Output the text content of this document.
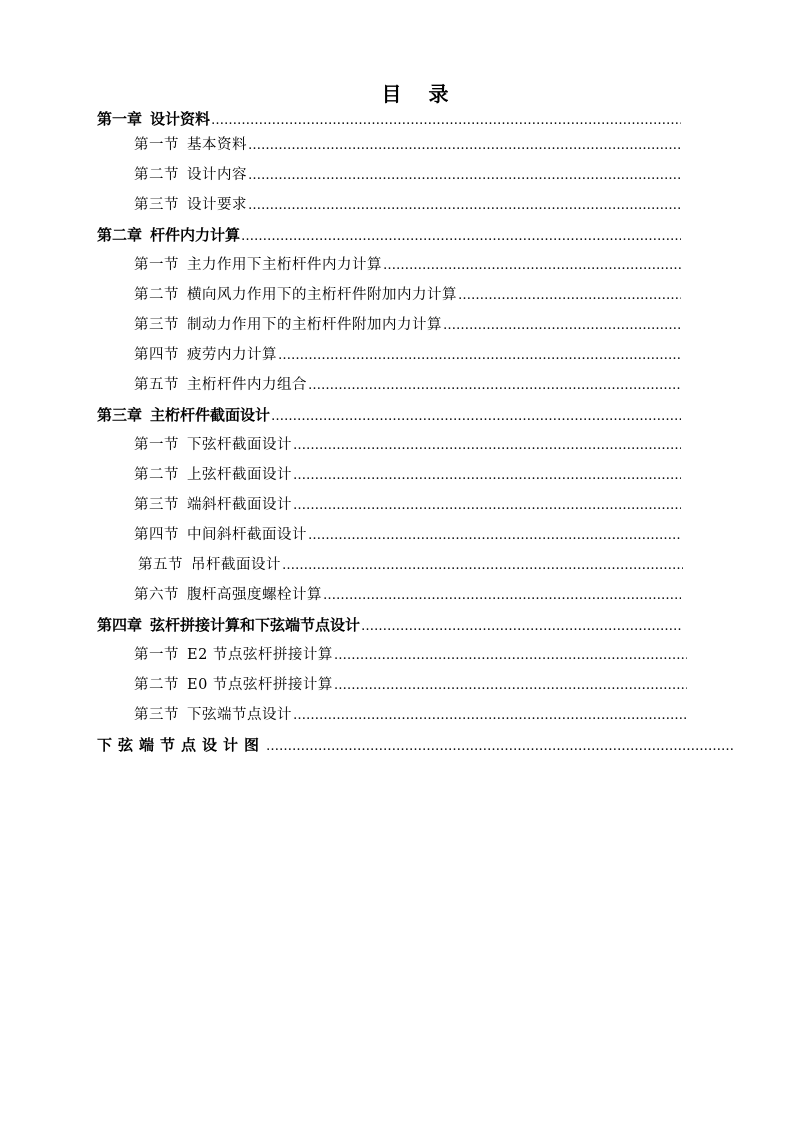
目 录
第一章 设计资料
………………………………………………………………………………………………………………………………………………………………………………
第一节 基本资料
………………………………………………………………………………………………………………………………………………………………………………
第二节 设计内容
………………………………………………………………………………………………………………………………………………………………………………
第三节 设计要求
………………………………………………………………………………………………………………………………………………………………………………
第二章 杆件内力计算
………………………………………………………………………………………………………………………………………………………………………………
第一节 主力作用下主桁杆件内力计算
………………………………………………………………………………………………………………………………………………………………………………
第二节 横向风力作用下的主桁杆件附加内力计算
………………………………………………………………………………………………………………………………………………………………………………
第三节 制动力作用下的主桁杆件附加内力计算
………………………………………………………………………………………………………………………………………………………………………………
第四节 疲劳内力计算
………………………………………………………………………………………………………………………………………………………………………………
第五节 主桁杆件内力组合
………………………………………………………………………………………………………………………………………………………………………………
第三章 主桁杆件截面设计
………………………………………………………………………………………………………………………………………………………………………………
第一节 下弦杆截面设计
………………………………………………………………………………………………………………………………………………………………………………
第二节 上弦杆截面设计
………………………………………………………………………………………………………………………………………………………………………………
第三节 端斜杆截面设计
………………………………………………………………………………………………………………………………………………………………………………
第四节 中间斜杆截面设计
………………………………………………………………………………………………………………………………………………………………………………
第五节 吊杆截面设计
………………………………………………………………………………………………………………………………………………………………………………
第六节 腹杆高强度螺栓计算
………………………………………………………………………………………………………………………………………………………………………………
第四章 弦杆拼接计算和下弦端节点设计
………………………………………………………………………………………………………………………………………………………………………………
第一节 E2 节点弦杆拼接计算
………………………………………………………………………………………………………………………………………………………………………………
第二节 E0 节点弦杆拼接计算
………………………………………………………………………………………………………………………………………………………………………………
第三节 下弦端节点设计
………………………………………………………………………………………………………………………………………………………………………………
下弦端节点设计图
………………………………………………………………………………………………………………………………………………………………………………
